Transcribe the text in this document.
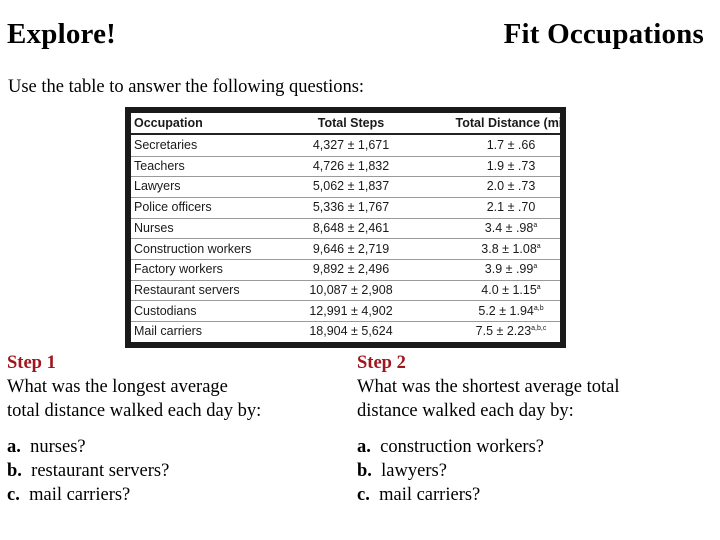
Explore!	Fit Occupations
Use the table to answer the following questions:
Occupation	Total Steps	Total Distance (mi)
Secretaries	4,327 ± 1,671	1.7 ± .66
Teachers	4,726 ± 1,832	1.9 ± .73
Lawyers	5,062 ± 1,837	2.0 ± .73
Police officers	5,336 ± 1,767	2.1 ± .70
Nurses	8,648 ± 2,461	3.4 ± .98$^a$
Construction workers	9,646 ± 2,719	3.8 ± 1.08$^a$
Factory workers	9,892 ± 2,496	3.9 ± .99$^a$
Restaurant servers	10,087 ± 2,908	4.0 ± 1.15$^a$
Custodians	12,991 ± 4,902	$5.2 \pm 1.94^{a,b}$
Mail carriers	18,904 ± 5,624	$7.5 \pm 2.23^{a,b,c}$
Step 1
What was the longest average
total distance walked each day by:
Step 2
What was the shortest average total
distance walked each day by:
a. nurses?
b. restaurant servers?
c. mail carriers?
a. construction workers?
b. lawyers?
c. mail carriers?
